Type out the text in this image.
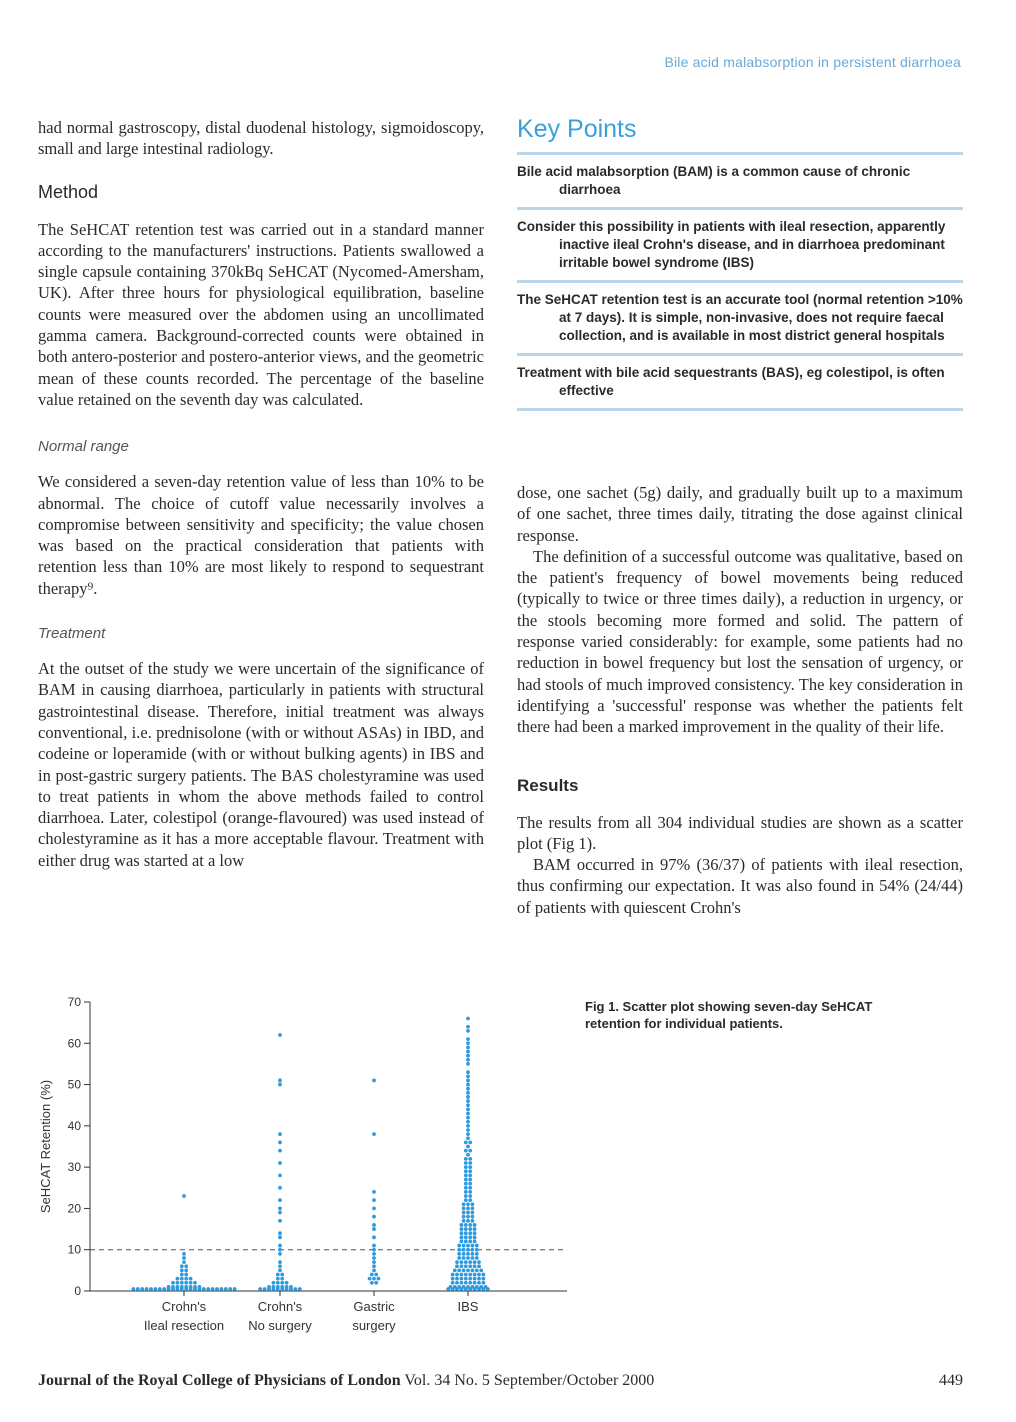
Bile acid malabsorption in persistent diarrhoea

had normal gastroscopy, distal duodenal histology, sigmoidoscopy, small and large intestinal radiology.

Method

The SeHCAT retention test was carried out in a standard manner according to the manufacturers' instructions. Patients swallowed a single capsule containing 370kBq SeHCAT (Nycomed-Amersham, UK). After three hours for physiological equilibration, baseline counts were measured over the abdomen using an uncollimated gamma camera. Background-corrected counts were obtained in both antero-posterior and postero-anterior views, and the geometric mean of these counts recorded. The percentage of the baseline value retained on the seventh day was calculated.

Normal range

We considered a seven-day retention value of less than 10% to be abnormal. The choice of cutoff value necessarily involves a compromise between sensitivity and specificity; the value chosen was based on the practical consideration that patients with retention less than 10% are most likely to respond to sequestrant therapy⁹.

Treatment

At the outset of the study we were uncertain of the significance of BAM in causing diarrhoea, particularly in patients with structural gastrointestinal disease. Therefore, initial treatment was always conventional, i.e. prednisolone (with or without ASAs) in IBD, and codeine or loperamide (with or without bulking agents) in IBS and in post-gastric surgery patients. The BAS cholestyramine was used to treat patients in whom the above methods failed to control diarrhoea. Later, colestipol (orange-flavoured) was used instead of cholestyramine as it has a more acceptable flavour. Treatment with either drug was started at a low

Key Points
Bile acid malabsorption (BAM) is a common cause of chronic diarrhoea
Consider this possibility in patients with ileal resection, apparently inactive ileal Crohn's disease, and in diarrhoea predominant irritable bowel syndrome (IBS)
The SeHCAT retention test is an accurate tool (normal retention >10% at 7 days). It is simple, non-invasive, does not require faecal collection, and is available in most district general hospitals
Treatment with bile acid sequestrants (BAS), eg colestipol, is often effective

dose, one sachet (5g) daily, and gradually built up to a maximum of one sachet, three times daily, titrating the dose against clinical response.

The definition of a successful outcome was qualitative, based on the patient's frequency of bowel movements being reduced (typically to twice or three times daily), a reduction in urgency, or the stools becoming more formed and solid. The pattern of response varied considerably: for example, some patients had no reduction in bowel frequency but lost the sensation of urgency, or had stools of much improved consistency. The key consideration in identifying a 'successful' response was whether the patients felt there had been a marked improvement in the quality of their life.

Results

The results from all 304 individual studies are shown as a scatter plot (Fig 1).

BAM occurred in 97% (36/37) of patients with ileal resection, thus confirming our expectation. It was also found in 54% (24/44) of patients with quiescent Crohn's

0
10
20
30
40
50
60
70
SeHCAT Retention (%)
Crohn's
Ileal resection
Crohn's
No surgery
Gastric
surgery
IBS
Fig 1. Scatter plot showing seven-day SeHCAT retention for individual patients.
Journal of the Royal College of Physicians of London Vol. 34 No. 5 September/October 2000	449
